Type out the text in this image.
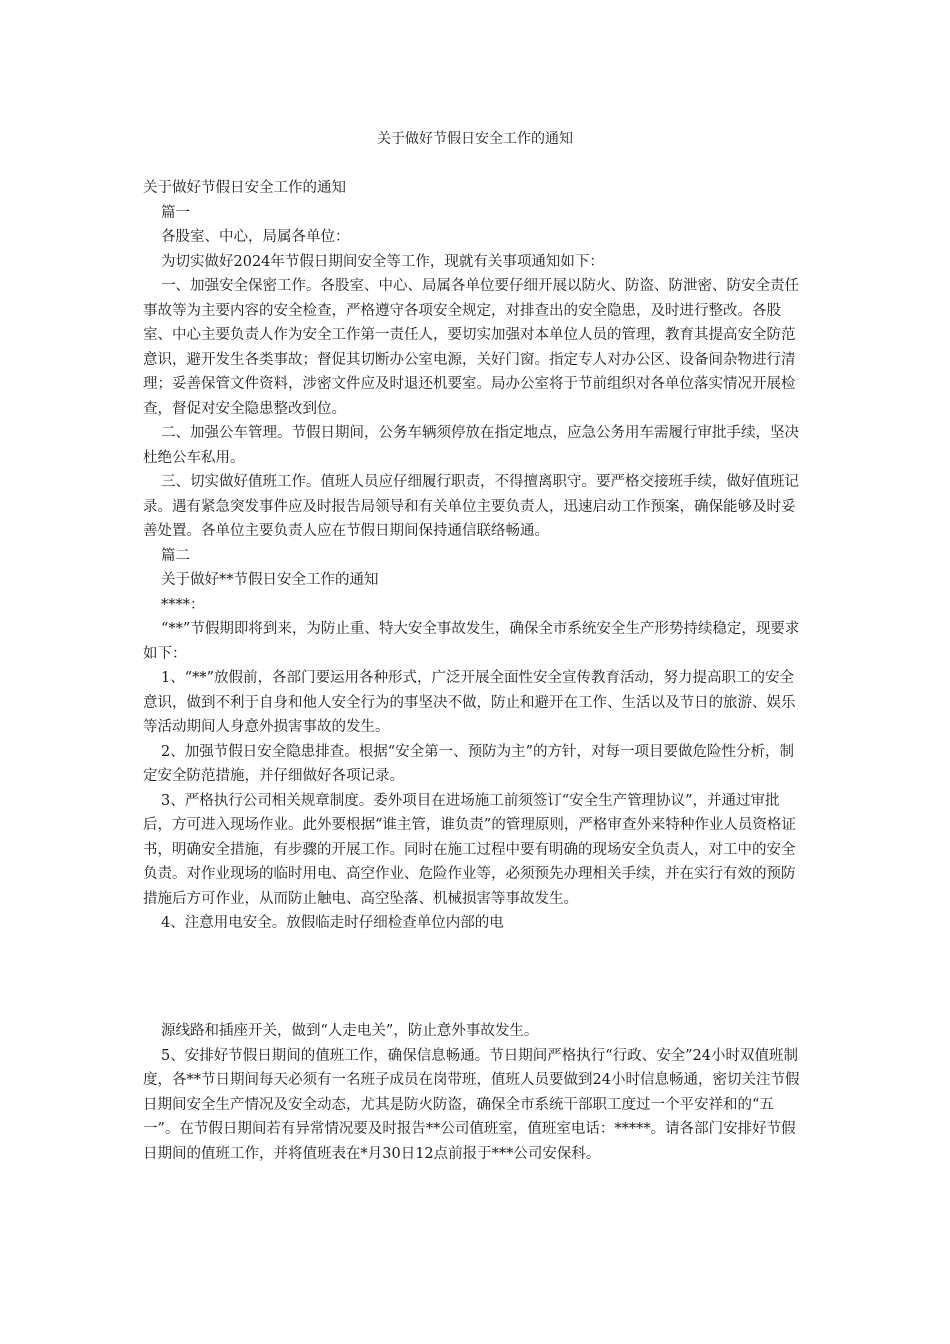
关于做好节假日安全工作的通知

关于做好节假日安全工作的通知

篇一

各股室、中心，局属各单位：

为切实做好2024年节假日期间安全等工作，现就有关事项通知如下：

一、加强安全保密工作。各股室、中心、局属各单位要仔细开展以防火、防盗、防泄密、防安全责任事故等为主要内容的安全检查，严格遵守各项安全规定，对排查出的安全隐患，及时进行整改。各股室、中心主要负责人作为安全工作第一责任人，要切实加强对本单位人员的管理，教育其提高安全防范意识，避开发生各类事故；督促其切断办公室电源，关好门窗。指定专人对办公区、设备间杂物进行清理；妥善保管文件资料，涉密文件应及时退还机要室。局办公室将于节前组织对各单位落实情况开展检查，督促对安全隐患整改到位。

二、加强公车管理。节假日期间，公务车辆须停放在指定地点，应急公务用车需履行审批手续，坚决杜绝公车私用。

三、切实做好值班工作。值班人员应仔细履行职责，不得擅离职守。要严格交接班手续，做好值班记录。遇有紧急突发事件应及时报告局领导和有关单位主要负责人，迅速启动工作预案，确保能够及时妥善处置。各单位主要负责人应在节假日期间保持通信联络畅通。

篇二

关于做好**节假日安全工作的通知

****：

“**”节假期即将到来，为防止重、特大安全事故发生，确保全市系统安全生产形势持续稳定，现要求如下：

1、“**”放假前，各部门要运用各种形式，广泛开展全面性安全宣传教育活动，努力提高职工的安全意识，做到不利于自身和他人安全行为的事坚决不做，防止和避开在工作、生活以及节日的旅游、娱乐等活动期间人身意外损害事故的发生。

2、加强节假日安全隐患排查。根据“安全第一、预防为主”的方针，对每一项目要做危险性分析，制定安全防范措施，并仔细做好各项记录。

3、严格执行公司相关规章制度。委外项目在进场施工前须签订“安全生产管理协议”，并通过审批后，方可进入现场作业。此外要根据“谁主管，谁负责”的管理原则，严格审查外来特种作业人员资格证书，明确安全措施，有步骤的开展工作。同时在施工过程中要有明确的现场安全负责人，对工中的安全负责。对作业现场的临时用电、高空作业、危险作业等，必须预先办理相关手续，并在实行有效的预防措施后方可作业，从而防止触电、高空坠落、机械损害等事故发生。

4、注意用电安全。放假临走时仔细检查单位内部的电

源线路和插座开关，做到“人走电关”，防止意外事故发生。

5、安排好节假日期间的值班工作，确保信息畅通。节日期间严格执行“行政、安全”24小时双值班制度，各**节日期间每天必须有一名班子成员在岗带班，值班人员要做到24小时信息畅通，密切关注节假日期间安全生产情况及安全动态，尤其是防火防盗，确保全市系统干部职工度过一个平安祥和的“五一”。在节假日期间若有异常情况要及时报告**公司值班室，值班室电话：*****。请各部门安排好节假日期间的值班工作，并将值班表在*月30日12点前报于***公司安保科。
